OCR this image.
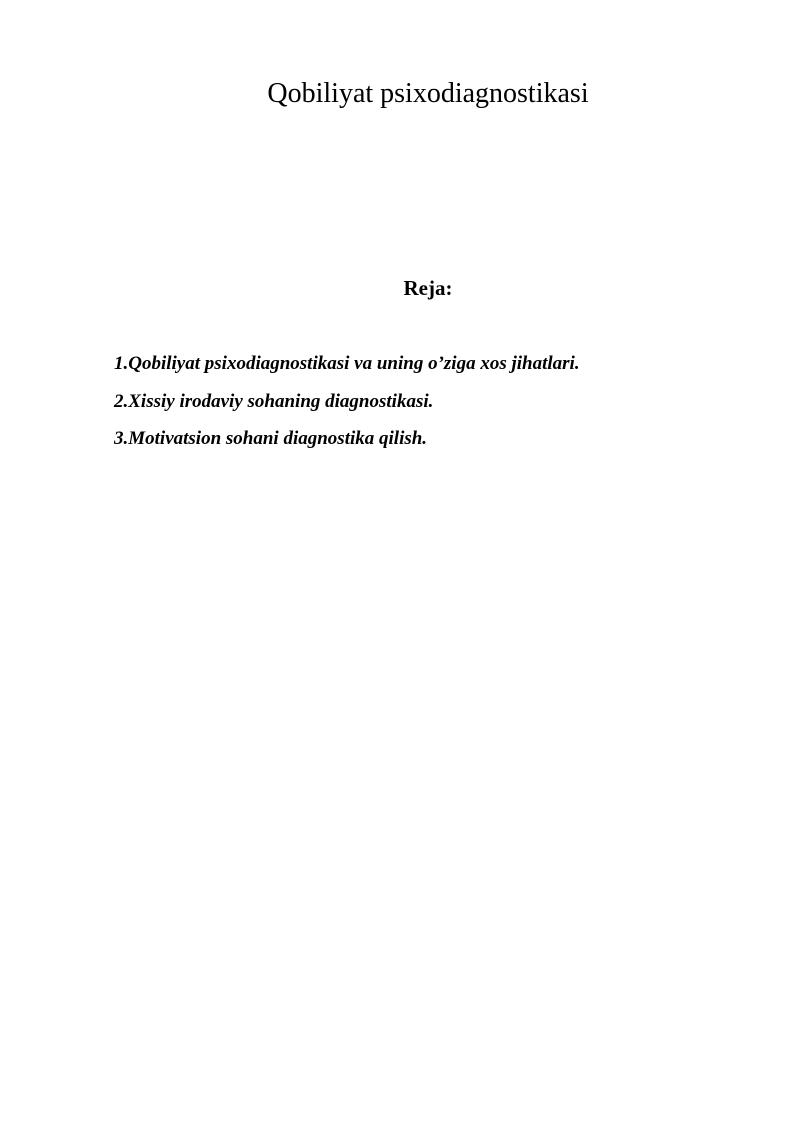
Qobiliyat psixodiagnostikasi
Reja:
1.Qobiliyat psixodiagnostikasi va uning o’ziga xos jihatlari.
2.Xissiy irodaviy sohaning diagnostikasi.
3.Motivatsion sohani diagnostika qilish.
